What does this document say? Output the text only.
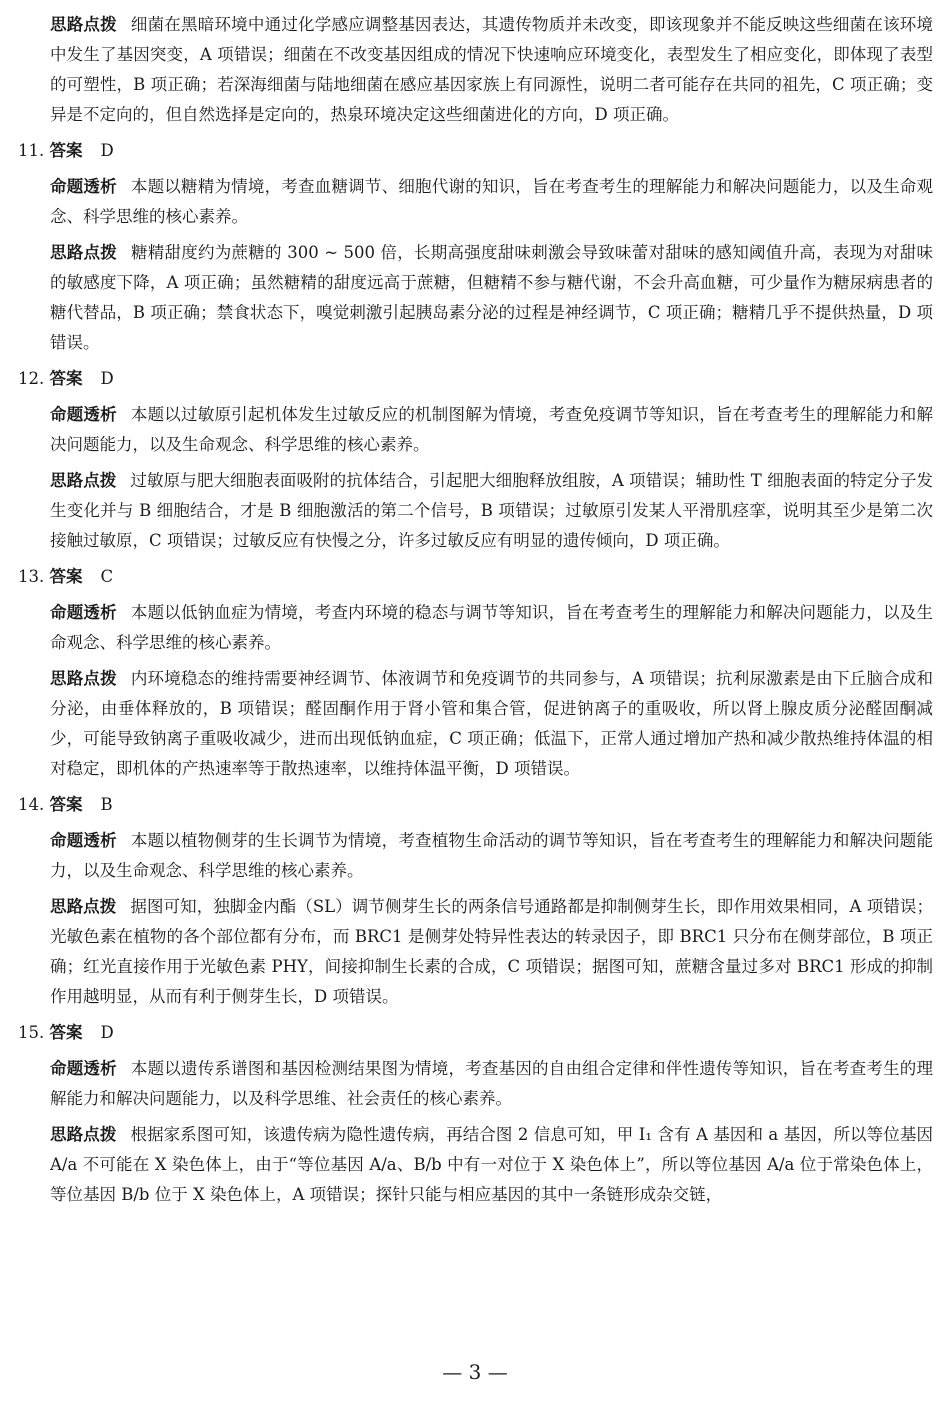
思路点拨 细菌在黑暗环境中通过化学感应调整基因表达，其遗传物质并未改变，即该现象并不能反映这些细菌在该环境中发生了基因突变，A 项错误；细菌在不改变基因组成的情况下快速响应环境变化，表型发生了相应变化，即体现了表型的可塑性，B 项正确；若深海细菌与陆地细菌在感应基因家族上有同源性，说明二者可能存在共同的祖先，C 项正确；变异是不定向的，但自然选择是定向的，热泉环境决定这些细菌进化的方向，D 项正确。

11. 答案 D

命题透析 本题以糖精为情境，考查血糖调节、细胞代谢的知识，旨在考查考生的理解能力和解决问题能力，以及生命观念、科学思维的核心素养。

思路点拨 糖精甜度约为蔗糖的 300 ~ 500 倍，长期高强度甜味刺激会导致味蕾对甜味的感知阈值升高，表现为对甜味的敏感度下降，A 项正确；虽然糖精的甜度远高于蔗糖，但糖精不参与糖代谢，不会升高血糖，可少量作为糖尿病患者的糖代替品，B 项正确；禁食状态下，嗅觉刺激引起胰岛素分泌的过程是神经调节，C 项正确；糖精几乎不提供热量，D 项错误。

12. 答案 D

命题透析 本题以过敏原引起机体发生过敏反应的机制图解为情境，考查免疫调节等知识，旨在考查考生的理解能力和解决问题能力，以及生命观念、科学思维的核心素养。

思路点拨 过敏原与肥大细胞表面吸附的抗体结合，引起肥大细胞释放组胺，A 项错误；辅助性 T 细胞表面的特定分子发生变化并与 B 细胞结合，才是 B 细胞激活的第二个信号，B 项错误；过敏原引发某人平滑肌痉挛，说明其至少是第二次接触过敏原，C 项错误；过敏反应有快慢之分，许多过敏反应有明显的遗传倾向，D 项正确。

13. 答案 C

命题透析 本题以低钠血症为情境，考查内环境的稳态与调节等知识，旨在考查考生的理解能力和解决问题能力，以及生命观念、科学思维的核心素养。

思路点拨 内环境稳态的维持需要神经调节、体液调节和免疫调节的共同参与，A 项错误；抗利尿激素是由下丘脑合成和分泌，由垂体释放的，B 项错误；醛固酮作用于肾小管和集合管，促进钠离子的重吸收，所以肾上腺皮质分泌醛固酮减少，可能导致钠离子重吸收减少，进而出现低钠血症，C 项正确；低温下，正常人通过增加产热和减少散热维持体温的相对稳定，即机体的产热速率等于散热速率，以维持体温平衡，D 项错误。

14. 答案 B

命题透析 本题以植物侧芽的生长调节为情境，考查植物生命活动的调节等知识，旨在考查考生的理解能力和解决问题能力，以及生命观念、科学思维的核心素养。

思路点拨 据图可知，独脚金内酯（SL）调节侧芽生长的两条信号通路都是抑制侧芽生长，即作用效果相同，A 项错误；光敏色素在植物的各个部位都有分布，而 BRC1 是侧芽处特异性表达的转录因子，即 BRC1 只分布在侧芽部位，B 项正确；红光直接作用于光敏色素 PHY，间接抑制生长素的合成，C 项错误；据图可知，蔗糖含量过多对 BRC1 形成的抑制作用越明显，从而有利于侧芽生长，D 项错误。

15. 答案 D

命题透析 本题以遗传系谱图和基因检测结果图为情境，考查基因的自由组合定律和伴性遗传等知识，旨在考查考生的理解能力和解决问题能力，以及科学思维、社会责任的核心素养。

思路点拨 根据家系图可知，该遗传病为隐性遗传病，再结合图 2 信息可知，甲 Ⅰ₁ 含有 A 基因和 a 基因，所以等位基因 A/a 不可能在 X 染色体上，由于“等位基因 A/a、B/b 中有一对位于 X 染色体上”，所以等位基因 A/a 位于常染色体上，等位基因 B/b 位于 X 染色体上，A 项错误；探针只能与相应基因的其中一条链形成杂交链，

— 3 —
